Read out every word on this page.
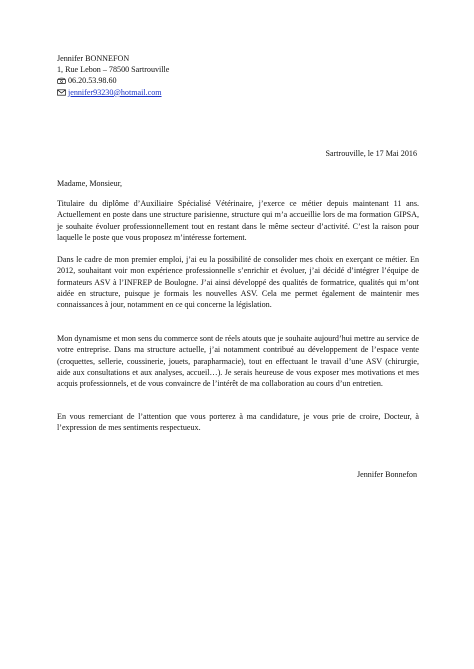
Jennifer BONNEFON
1, Rue Lebon – 78500 Sartrouville
06.20.53.98.60
jennifer93230@hotmail.com
Sartrouville, le 17 Mai 2016
Madame, Monsieur,

Titulaire du diplôme d’Auxiliaire Spécialisé Vétérinaire, j’exerce ce métier depuis maintenant 11 ans. Actuellement en poste dans une structure parisienne, structure qui m’a accueillie lors de ma formation GIPSA, je souhaite évoluer professionnellement tout en restant dans le même secteur d’activité. C’est la raison pour laquelle le poste que vous proposez m’intéresse fortement.

Dans le cadre de mon premier emploi, j’ai eu la possibilité de consolider mes choix en exerçant ce métier. En 2012, souhaitant voir mon expérience professionnelle s’enrichir et évoluer, j’ai décidé d’intégrer l’équipe de formateurs ASV à l’INFREP de Boulogne. J’ai ainsi développé des qualités de formatrice, qualités qui m’ont aidée en structure, puisque je formais les nouvelles ASV. Cela me permet également de maintenir mes connaissances à jour, notamment en ce qui concerne la législation.

Mon dynamisme et mon sens du commerce sont de réels atouts que je souhaite aujourd’hui mettre au service de votre entreprise. Dans ma structure actuelle, j’ai notamment contribué au développement de l’espace vente (croquettes, sellerie, coussinerie, jouets, parapharmacie), tout en effectuant le travail d’une ASV (chirurgie, aide aux consultations et aux analyses, accueil…). Je serais heureuse de vous exposer mes motivations et mes acquis professionnels, et de vous convaincre de l’intérêt de ma collaboration au cours d’un entretien.

En vous remerciant de l’attention que vous porterez à ma candidature, je vous prie de croire, Docteur, à l’expression de mes sentiments respectueux.

Jennifer Bonnefon
